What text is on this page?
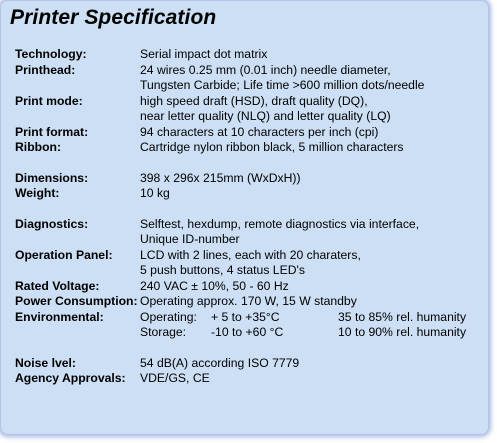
Printer Specification
Technology:	Serial impact dot matrix
Printhead:	24 wires 0.25 mm (0.01 inch) needle diameter,
Tungsten Carbide; Life time >600 million dots/needle
Print mode:	high speed draft (HSD), draft quality (DQ),
near letter quality (NLQ) and letter quality (LQ)
Print format:	94 characters at 10 characters per inch (cpi)
Ribbon:	Cartridge nylon ribbon black, 5 million characters
Dimensions:	398 x 296x 215mm (WxDxH))
Weight:	10 kg
Diagnostics:	Selftest, hexdump, remote diagnostics via interface,
Unique ID-number
Operation Panel:	LCD with 2 lines, each with 20 charaters,
5 push buttons, 4 status LED's
Rated Voltage:	240 VAC ± 10%, 50 - 60 Hz
Power Consumption: Operating approx. 170 W, 15 W standby
Environmental:	Operating:	+ 5 to +35°C	35 to 85% rel. humanity
Storage:	-10 to +60 °C	10 to 90% rel. humanity
Noise lvel:	54 dB(A) according ISO 7779
Agency Approvals:	VDE/GS, CE
